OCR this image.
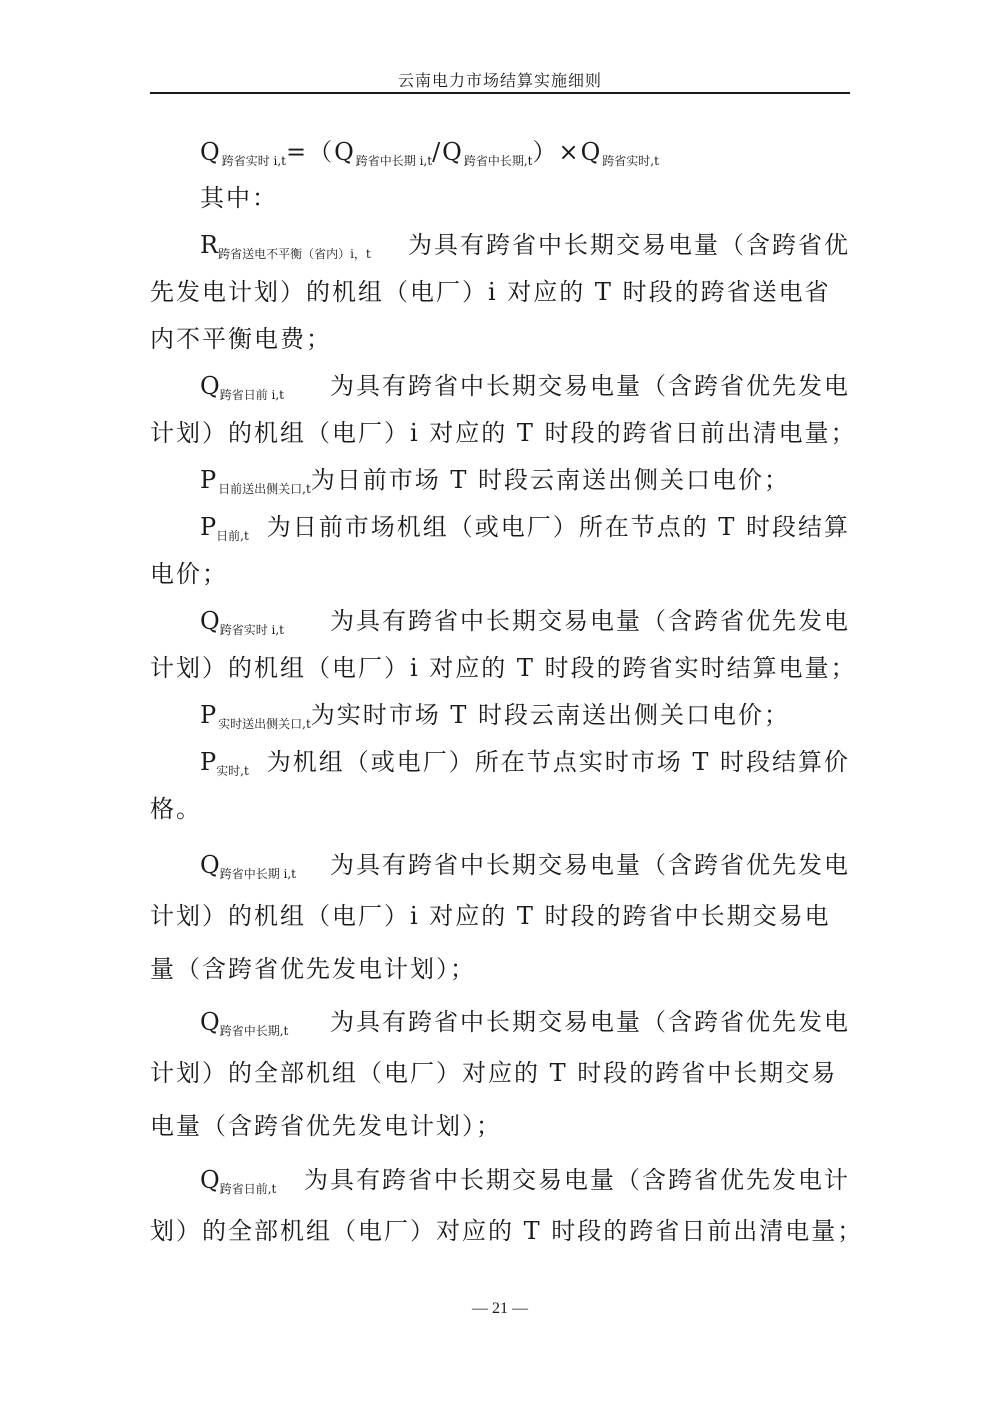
云南电力市场结算实施细则
$Q_{跨省实时 i,t}=(Q_{跨省中长期 i,t}/Q_{跨省中长期,t})\times Q_{跨省实时,t}$
其中：
$R_{跨省送电不平衡(省内)i,t}$ 为具有跨省中长期交易电量（含跨省优
先发电计划）的机组（电厂）i 对应的 T 时段的跨省送电省
内不平衡电费；
$Q_{跨省日前 i,t}$ 为具有跨省中长期交易电量（含跨省优先发电
计划）的机组（电厂）i 对应的 T 时段的跨省日前出清电量；
$P_{日前送出侧关口,t}$为日前市场 T 时段云南送出侧关口电价；
$P_{日前,t}$ 为日前市场机组（或电厂）所在节点的 T 时段结算
电价；
$Q_{跨省实时 i,t}$ 为具有跨省中长期交易电量（含跨省优先发电
计划）的机组（电厂）i 对应的 T 时段的跨省实时结算电量；
$P_{实时送出侧关口,t}$为实时市场 T 时段云南送出侧关口电价；
$P_{实时,t}$ 为机组（或电厂）所在节点实时市场 T 时段结算价
格。
$Q_{跨省中长期 i,t}$ 为具有跨省中长期交易电量（含跨省优先发电
计划）的机组（电厂）i 对应的 T 时段的跨省中长期交易电
量（含跨省优先发电计划）；
$Q_{跨省中长期,t}$ 为具有跨省中长期交易电量（含跨省优先发电
计划）的全部机组（电厂）对应的 T 时段的跨省中长期交易
电量（含跨省优先发电计划）；
$Q_{跨省日前,t}$ 为具有跨省中长期交易电量（含跨省优先发电计
划）的全部机组（电厂）对应的 T 时段的跨省日前出清电量；
— 21 —
